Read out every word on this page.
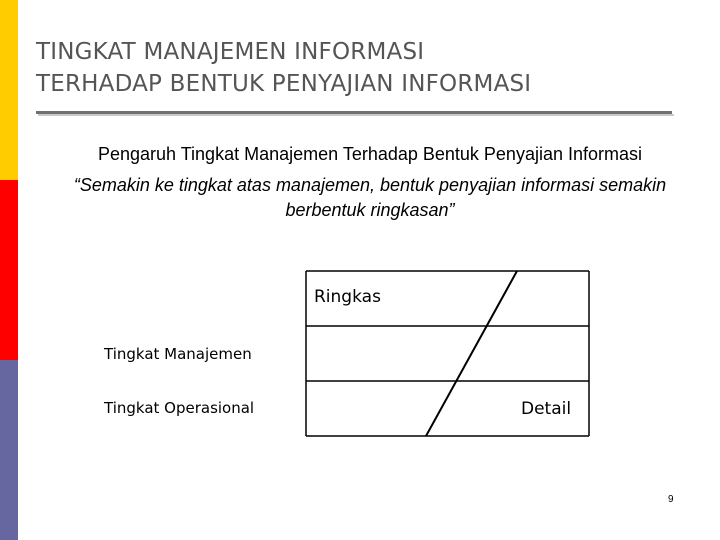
TINGKAT MANAJEMEN INFORMASI
TERHADAP BENTUK PENYAJIAN INFORMASI
Pengaruh Tingkat Manajemen Terhadap Bentuk Penyajian Informasi
“Semakin ke tingkat atas manajemen, bentuk penyajian informasi semakin
berbentuk ringkasan”
Ringkas
Detail
Tingkat Manajemen
Tingkat Operasional
9
